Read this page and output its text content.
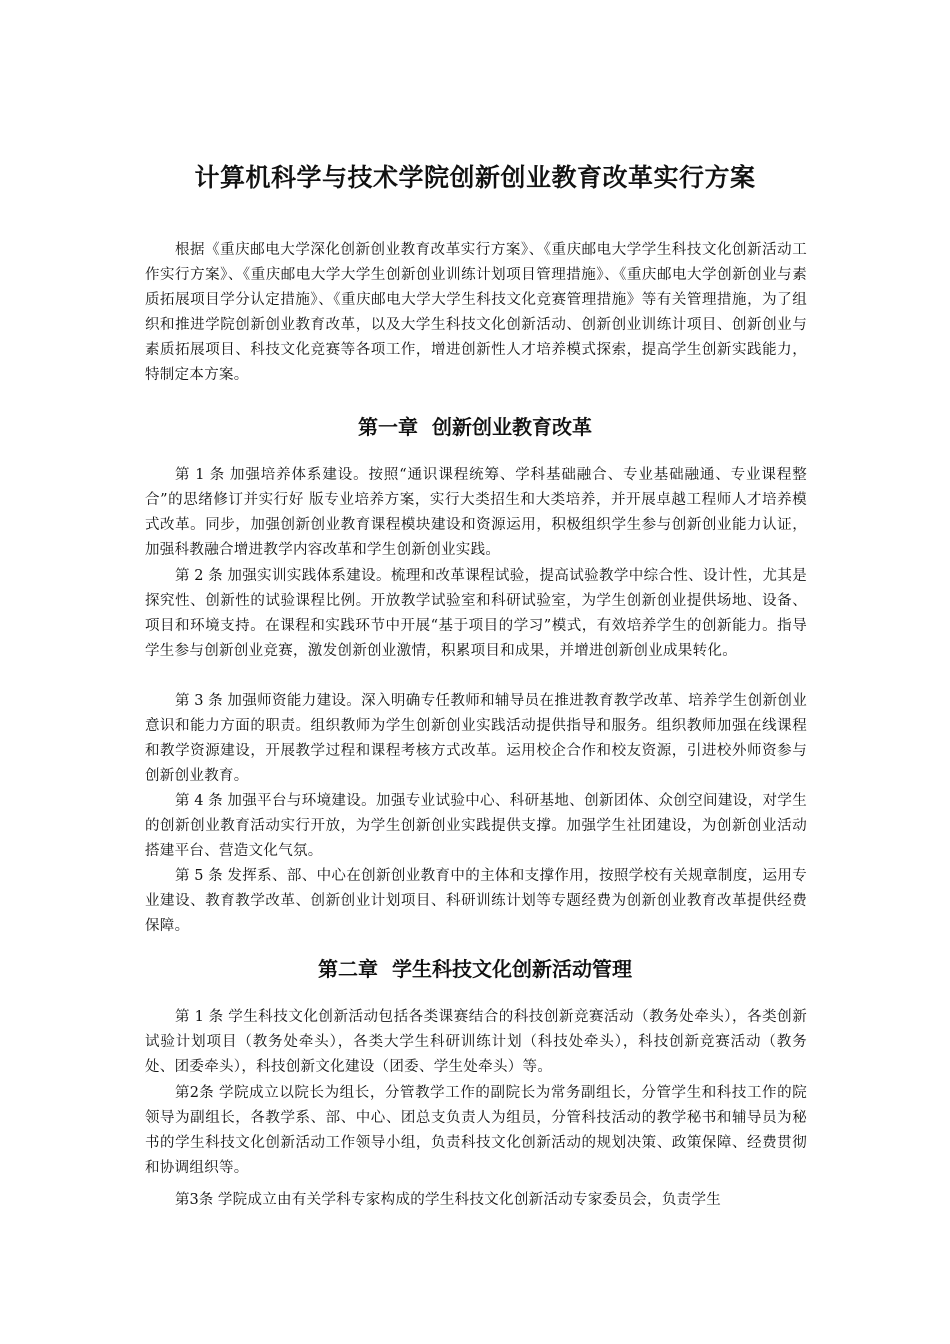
计算机科学与技术学院创新创业教育改革实行方案

根据《重庆邮电大学深化创新创业教育改革实行方案》、《重庆邮电大学学生科技文化创新活动工作实行方案》、《重庆邮电大学大学生创新创业训练计划项目管理措施》、《重庆邮电大学创新创业与素质拓展项目学分认定措施》、《重庆邮电大学大学生科技文化竞赛管理措施》等有关管理措施，为了组织和推进学院创新创业教育改革，以及大学生科技文化创新活动、创新创业训练计项目、创新创业与素质拓展项目、科技文化竞赛等各项工作，增进创新性人才培养模式探索，提高学生创新实践能力，特制定本方案。

第一章 创新创业教育改革

第 1 条 加强培养体系建设。按照“通识课程统筹、学科基础融合、专业基础融通、专业课程整合”的思绪修订并实行好 版专业培养方案，实行大类招生和大类培养，并开展卓越工程师人才培养模式改革。同步，加强创新创业教育课程模块建设和资源运用，积极组织学生参与创新创业能力认证，加强科教融合增进教学内容改革和学生创新创业实践。

第 2 条 加强实训实践体系建设。梳理和改革课程试验，提高试验教学中综合性、设计性，尤其是探究性、创新性的试验课程比例。开放教学试验室和科研试验室，为学生创新创业提供场地、设备、项目和环境支持。在课程和实践环节中开展“基于项目的学习”模式，有效培养学生的创新能力。指导学生参与创新创业竞赛，激发创新创业激情，积累项目和成果，并增进创新创业成果转化。

第 3 条 加强师资能力建设。深入明确专任教师和辅导员在推进教育教学改革、培养学生创新创业意识和能力方面的职责。组织教师为学生创新创业实践活动提供指导和服务。组织教师加强在线课程和教学资源建设，开展教学过程和课程考核方式改革。运用校企合作和校友资源，引进校外师资参与创新创业教育。

第 4 条 加强平台与环境建设。加强专业试验中心、科研基地、创新团体、众创空间建设，对学生的创新创业教育活动实行开放，为学生创新创业实践提供支撑。加强学生社团建设，为创新创业活动搭建平台、营造文化气氛。

第 5 条 发挥系、部、中心在创新创业教育中的主体和支撑作用，按照学校有关规章制度，运用专业建设、教育教学改革、创新创业计划项目、科研训练计划等专题经费为创新创业教育改革提供经费保障。

第二章 学生科技文化创新活动管理

第 1 条 学生科技文化创新活动包括各类课赛结合的科技创新竞赛活动（教务处牵头），各类创新试验计划项目（教务处牵头），各类大学生科研训练计划（科技处牵头），科技创新竞赛活动（教务处、团委牵头），科技创新文化建设（团委、学生处牵头）等。

第2条 学院成立以院长为组长，分管教学工作的副院长为常务副组长，分管学生和科技工作的院领导为副组长，各教学系、部、中心、团总支负责人为组员，分管科技活动的教学秘书和辅导员为秘书的学生科技文化创新活动工作领导小组，负责科技文化创新活动的规划决策、政策保障、经费贯彻和协调组织等。

第3条 学院成立由有关学科专家构成的学生科技文化创新活动专家委员会，负责学生
